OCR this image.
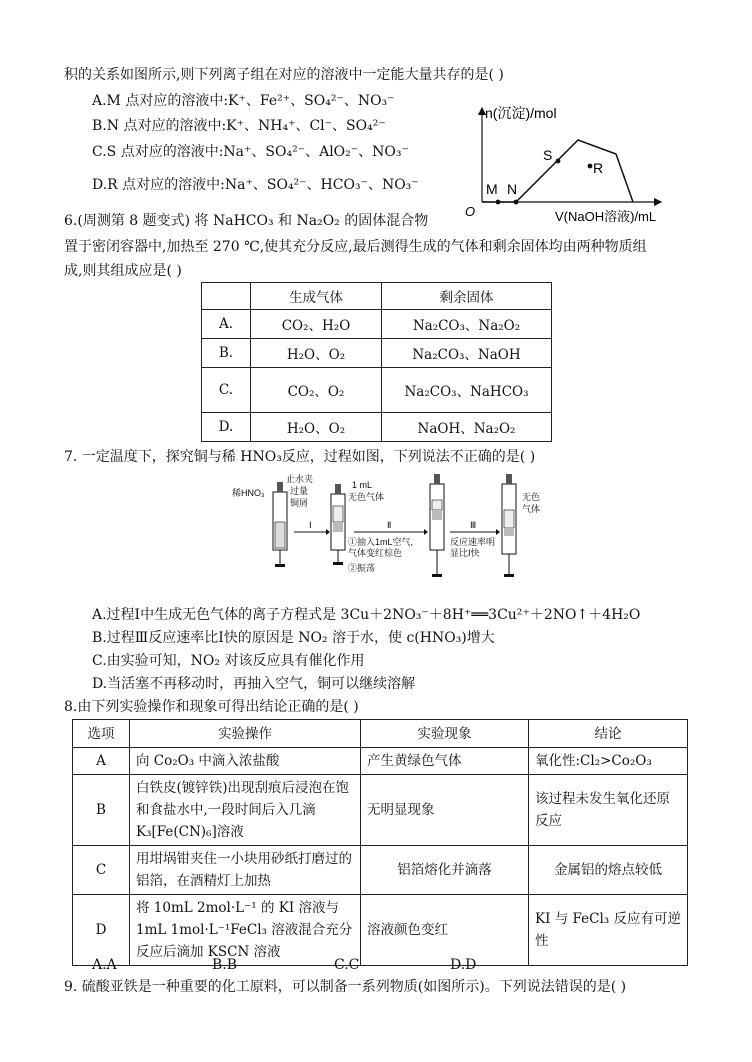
积的关系如图所示,则下列离子组在对应的溶液中一定能大量共存的是( )
A.M 点对应的溶液中:K⁺、Fe²⁺、SO₄²⁻、NO₃⁻
B.N 点对应的溶液中:K⁺、NH₄⁺、Cl⁻、SO₄²⁻
C.S 点对应的溶液中:Na⁺、SO₄²⁻、AlO₂⁻、NO₃⁻
D.R 点对应的溶液中:Na⁺、SO₄²⁻、HCO₃⁻、NO₃⁻
n(沉淀)/mol
V(NaOH溶液)/mL
O
M N
S
R
6.(周测第 8 题变式) 将 NaHCO₃ 和 Na₂O₂ 的固体混合物
置于密闭容器中,加热至 270 ℃,使其充分反应,最后测得生成的气体和剩余固体均由两种物质组
成,则其组成应是( )
	生成气体	剩余固体
A.	CO₂、H₂O	Na₂CO₃、Na₂O₂
B.	H₂O、O₂	Na₂CO₃、NaOH
C.	CO₂、O₂	Na₂CO₃、NaHCO₃
D.	H₂O、O₂	NaOH、Na₂O₂
7. 一定温度下，探究铜与稀 HNO₃反应，过程如图，下列说法不正确的是( )
稀HNO₃
止水夹
过量
铜屑
1 mL
无色气体
Ⅰ	Ⅱ	Ⅲ
①抽入1mL空气,
气体变红棕色
②振荡
反应速率明
显比Ⅰ快
无色
气体
A.过程Ⅰ中生成无色气体的离子方程式是 3Cu＋2NO₃⁻＋8H⁺══3Cu²⁺＋2NO↑＋4H₂O
B.过程Ⅲ反应速率比Ⅰ快的原因是 NO₂ 溶于水，使 c(HNO₃)增大
C.由实验可知，NO₂ 对该反应具有催化作用
D.当活塞不再移动时，再抽入空气，铜可以继续溶解
8.由下列实验操作和现象可得出结论正确的是( )
选项	实验操作	实验现象	结论
A	向 Co₂O₃ 中滴入浓盐酸	产生黄绿色气体	氧化性:Cl₂>Co₂O₃
B	白铁皮(镀锌铁)出现刮痕后浸泡在饱和食盐水中,一段时间后入几滴 K₃[Fe(CN)₆]溶液	无明显现象	该过程未发生氧化还原反应
C	用坩埚钳夹住一小块用砂纸打磨过的铝箔，在酒精灯上加热	铝箔熔化并滴落	金属铝的熔点较低
D	将 10mL 2mol·L⁻¹ 的 KI 溶液与 1mL 1mol·L⁻¹FeCl₃ 溶液混合充分反应后滴加 KSCN 溶液	溶液颜色变红	KI 与 FeCl₃ 反应有可逆性
A.A	B.B	C.C	D.D
9. 硫酸亚铁是一种重要的化工原料，可以制备一系列物质(如图所示)。下列说法错误的是( )
